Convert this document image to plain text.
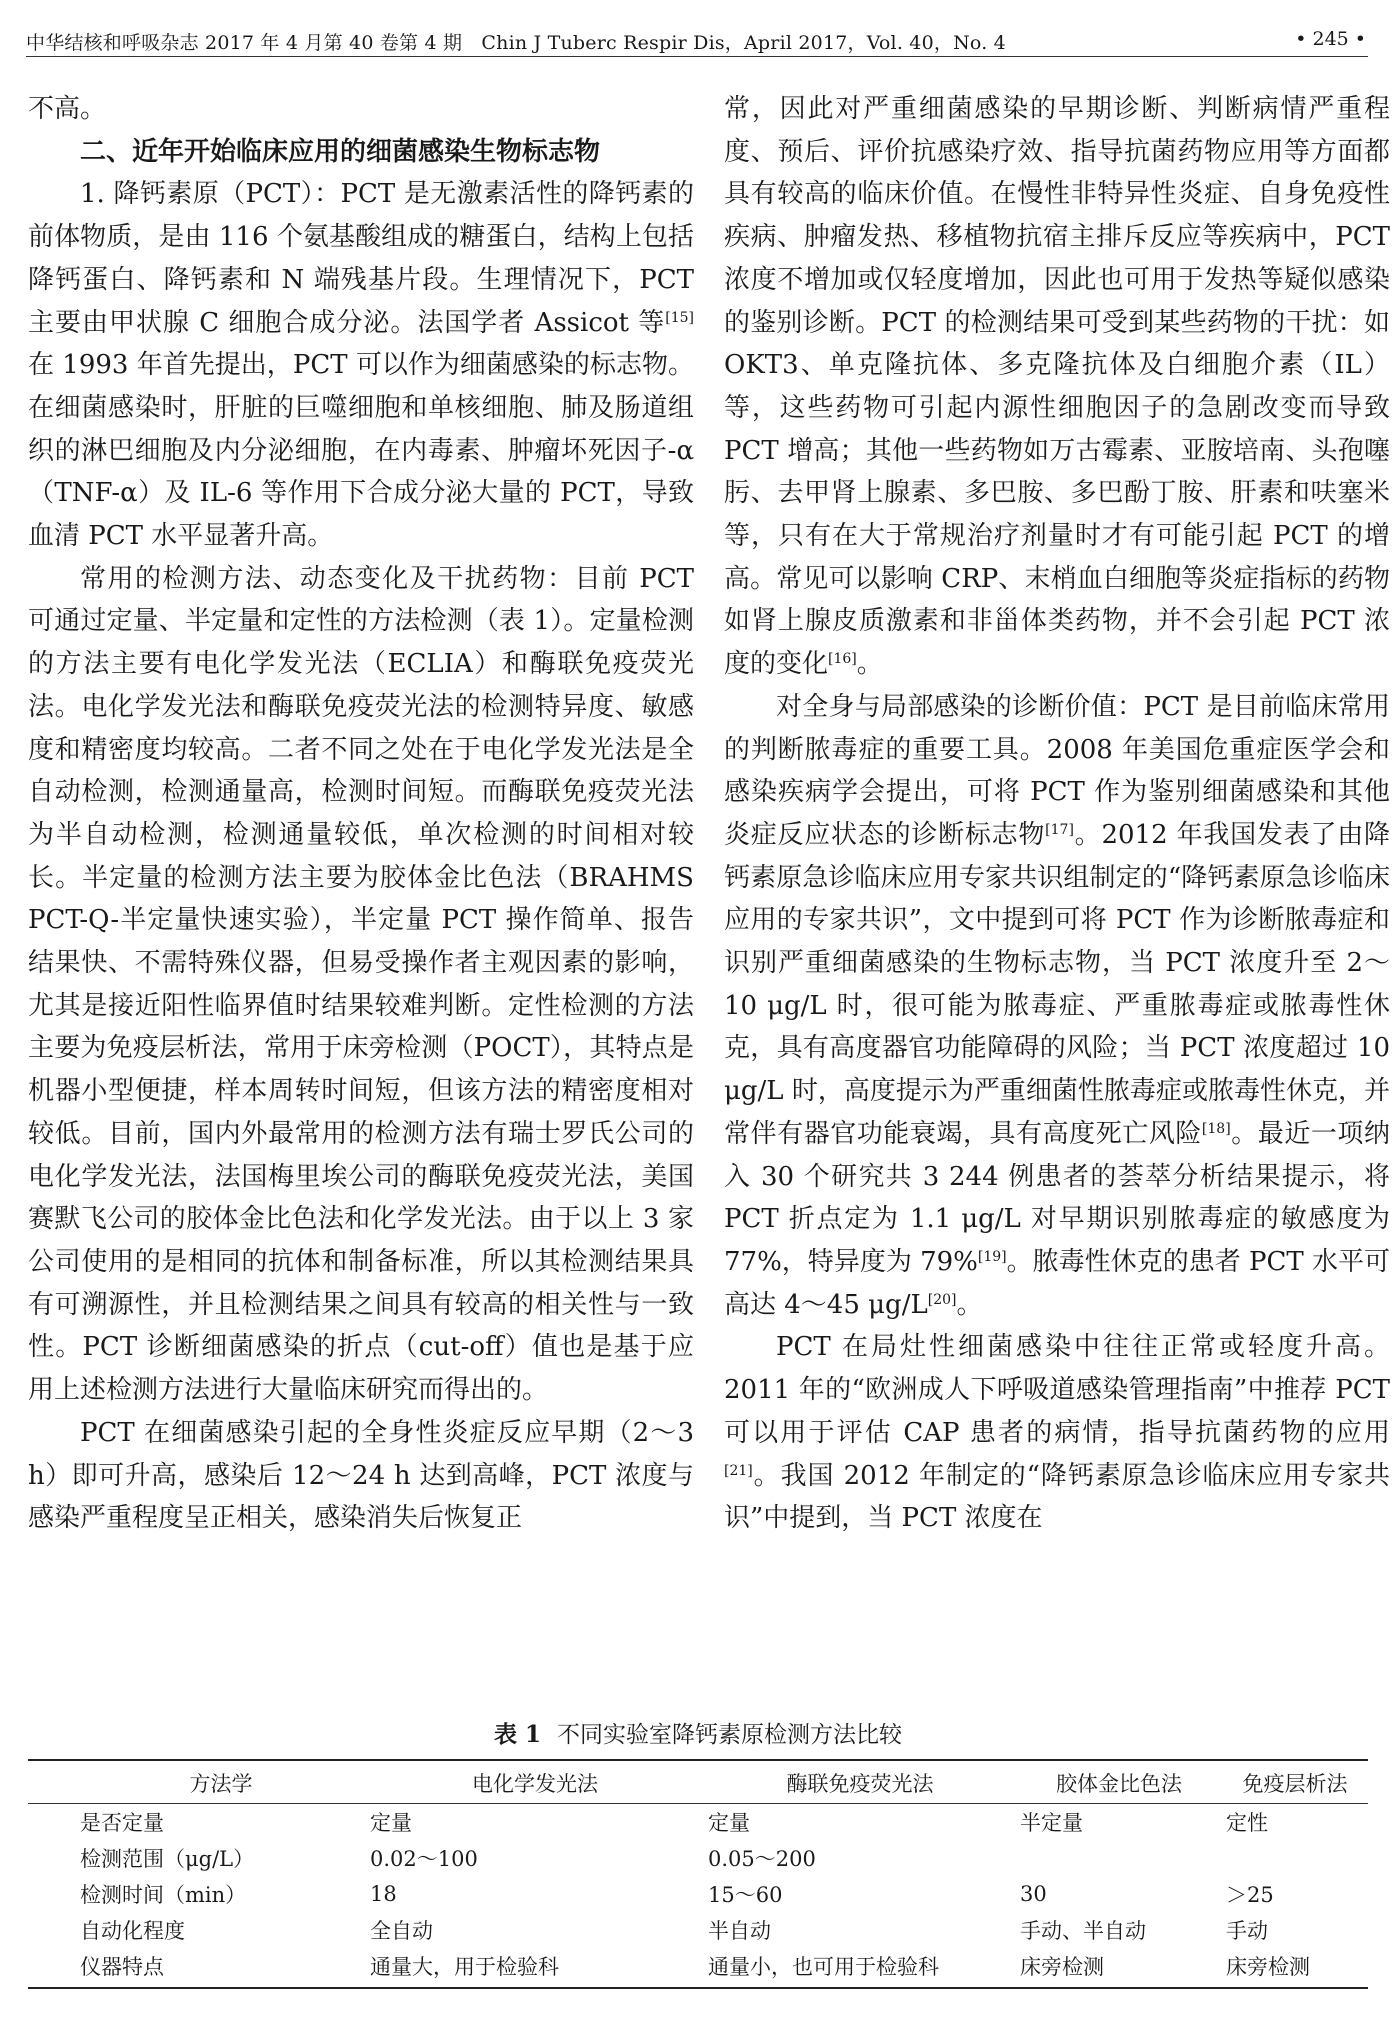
中华结核和呼吸杂志 2017 年 4 月第 40 卷第 4 期　Chin J Tuberc Respir Dis，April 2017，Vol. 40，No. 4	• 245 •

不高。

二、近年开始临床应用的细菌感染生物标志物

1. 降钙素原（PCT）：PCT 是无激素活性的降钙素的前体物质，是由 116 个氨基酸组成的糖蛋白，结构上包括降钙蛋白、降钙素和 N 端残基片段。生理情况下，PCT 主要由甲状腺 C 细胞合成分泌。法国学者 Assicot 等[15]在 1993 年首先提出，PCT 可以作为细菌感染的标志物。在细菌感染时，肝脏的巨噬细胞和单核细胞、肺及肠道组织的淋巴细胞及内分泌细胞，在内毒素、肿瘤坏死因子-α（TNF-α）及 IL-6 等作用下合成分泌大量的 PCT，导致血清 PCT 水平显著升高。

常用的检测方法、动态变化及干扰药物：目前 PCT 可通过定量、半定量和定性的方法检测（表 1）。定量检测的方法主要有电化学发光法（ECLIA）和酶联免疫荧光法。电化学发光法和酶联免疫荧光法的检测特异度、敏感度和精密度均较高。二者不同之处在于电化学发光法是全自动检测，检测通量高，检测时间短。而酶联免疫荧光法为半自动检测，检测通量较低，单次检测的时间相对较长。半定量的检测方法主要为胶体金比色法（BRAHMS PCT-Q-半定量快速实验），半定量 PCT 操作简单、报告结果快、不需特殊仪器，但易受操作者主观因素的影响，尤其是接近阳性临界值时结果较难判断。定性检测的方法主要为免疫层析法，常用于床旁检测（POCT），其特点是机器小型便捷，样本周转时间短，但该方法的精密度相对较低。目前，国内外最常用的检测方法有瑞士罗氏公司的电化学发光法，法国梅里埃公司的酶联免疫荧光法，美国赛默飞公司的胶体金比色法和化学发光法。由于以上 3 家公司使用的是相同的抗体和制备标准，所以其检测结果具有可溯源性，并且检测结果之间具有较高的相关性与一致性。PCT 诊断细菌感染的折点（cut-off）值也是基于应用上述检测方法进行大量临床研究而得出的。

PCT 在细菌感染引起的全身性炎症反应早期（2～3 h）即可升高，感染后 12～24 h 达到高峰，PCT 浓度与感染严重程度呈正相关，感染消失后恢复正

常，因此对严重细菌感染的早期诊断、判断病情严重程度、预后、评价抗感染疗效、指导抗菌药物应用等方面都具有较高的临床价值。在慢性非特异性炎症、自身免疫性疾病、肿瘤发热、移植物抗宿主排斥反应等疾病中，PCT 浓度不增加或仅轻度增加，因此也可用于发热等疑似感染的鉴别诊断。PCT 的检测结果可受到某些药物的干扰：如 OKT3、单克隆抗体、多克隆抗体及白细胞介素（IL）等，这些药物可引起内源性细胞因子的急剧改变而导致 PCT 增高；其他一些药物如万古霉素、亚胺培南、头孢噻肟、去甲肾上腺素、多巴胺、多巴酚丁胺、肝素和呋塞米等，只有在大于常规治疗剂量时才有可能引起 PCT 的增高。常见可以影响 CRP、末梢血白细胞等炎症指标的药物如肾上腺皮质激素和非甾体类药物，并不会引起 PCT 浓度的变化[16]。

对全身与局部感染的诊断价值：PCT 是目前临床常用的判断脓毒症的重要工具。2008 年美国危重症医学会和感染疾病学会提出，可将 PCT 作为鉴别细菌感染和其他炎症反应状态的诊断标志物[17]。2012 年我国发表了由降钙素原急诊临床应用专家共识组制定的“降钙素原急诊临床应用的专家共识”，文中提到可将 PCT 作为诊断脓毒症和识别严重细菌感染的生物标志物，当 PCT 浓度升至 2～10 μg/L 时，很可能为脓毒症、严重脓毒症或脓毒性休克，具有高度器官功能障碍的风险；当 PCT 浓度超过 10 μg/L 时，高度提示为严重细菌性脓毒症或脓毒性休克，并常伴有器官功能衰竭，具有高度死亡风险[18]。最近一项纳入 30 个研究共 3 244 例患者的荟萃分析结果提示，将 PCT 折点定为 1.1 μg/L 对早期识别脓毒症的敏感度为 77%，特异度为 79%[19]。脓毒性休克的患者 PCT 水平可高达 4～45 μg/L[20]。

PCT 在局灶性细菌感染中往往正常或轻度升高。2011 年的“欧洲成人下呼吸道感染管理指南”中推荐 PCT 可以用于评估 CAP 患者的病情，指导抗菌药物的应用[21]。我国 2012 年制定的“降钙素原急诊临床应用专家共识”中提到，当 PCT 浓度在

表 1 不同实验室降钙素原检测方法比较
方法学	电化学发光法	酶联免疫荧光法	胶体金比色法	免疫层析法
是否定量	定量	定量	半定量	定性
检测范围（μg/L）	0.02～100	0.05～200		
检测时间（min）	18	15～60	30	＞25
自动化程度	全自动	半自动	手动、半自动	手动
仪器特点	通量大，用于检验科	通量小，也可用于检验科	床旁检测	床旁检测
